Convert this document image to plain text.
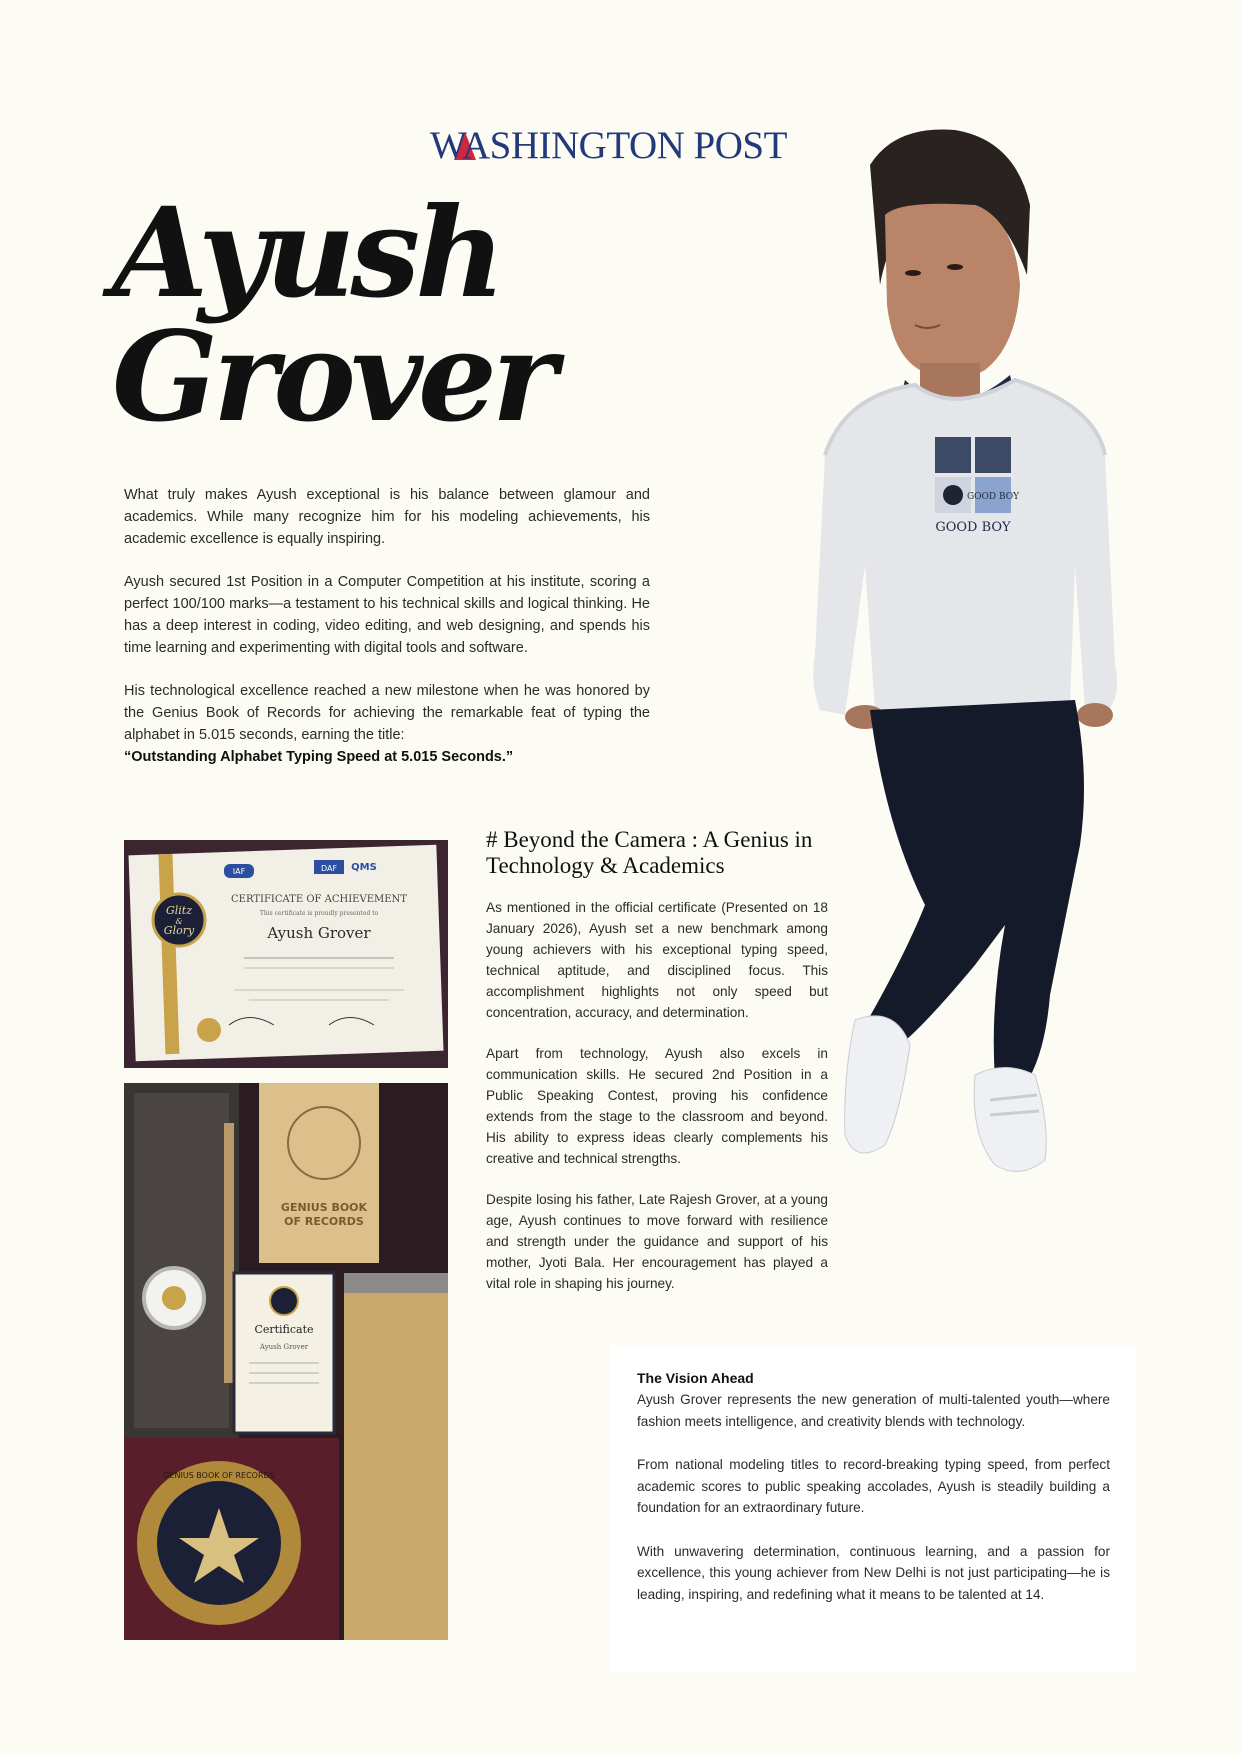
WASHINGTON POST
Ayush
Grover

What truly makes Ayush exceptional is his balance between glamour and academics. While many recognize him for his modeling achievements, his academic excellence is equally inspiring.

Ayush secured 1st Position in a Computer Competition at his institute, scoring a perfect 100/100 marks—a testament to his technical skills and logical thinking. He has a deep interest in coding, video editing, and web designing, and spends his time learning and experimenting with digital tools and software.

His technological excellence reached a new milestone when he was honored by the Genius Book of Records for achieving the remarkable feat of typing the alphabet in 5.015 seconds, earning the title:

“Outstanding Alphabet Typing Speed at 5.015 Seconds.”

GOOD BOY
GOOD BOY
Glitz
&
Glory
IAF	DAF QMS
CERTIFICATE OF ACHIEVEMENT
This certificate is proudly presented to
Ayush Grover
GENIUS BOOK
OF RECORDS
Certificate
Ayush Grover
GENIUS BOOK OF RECORDS
# Beyond the Camera : A Genius in Technology & Academics

As mentioned in the official certificate (Presented on 18 January 2026), Ayush set a new benchmark among young achievers with his exceptional typing speed, technical aptitude, and disciplined focus. This accomplishment highlights not only speed but concentration, accuracy, and determination.

Apart from technology, Ayush also excels in communication skills. He secured 2nd Position in a Public Speaking Contest, proving his confidence extends from the stage to the classroom and beyond. His ability to express ideas clearly complements his creative and technical strengths.

Despite losing his father, Late Rajesh Grover, at a young age, Ayush continues to move forward with resilience and strength under the guidance and support of his mother, Jyoti Bala. Her encouragement has played a vital role in shaping his journey.

The Vision Ahead

Ayush Grover represents the new generation of multi-talented youth—where fashion meets intelligence, and creativity blends with technology.

From national modeling titles to record-breaking typing speed, from perfect academic scores to public speaking accolades, Ayush is steadily building a foundation for an extraordinary future.

With unwavering determination, continuous learning, and a passion for excellence, this young achiever from New Delhi is not just participating—he is leading, inspiring, and redefining what it means to be talented at 14.
